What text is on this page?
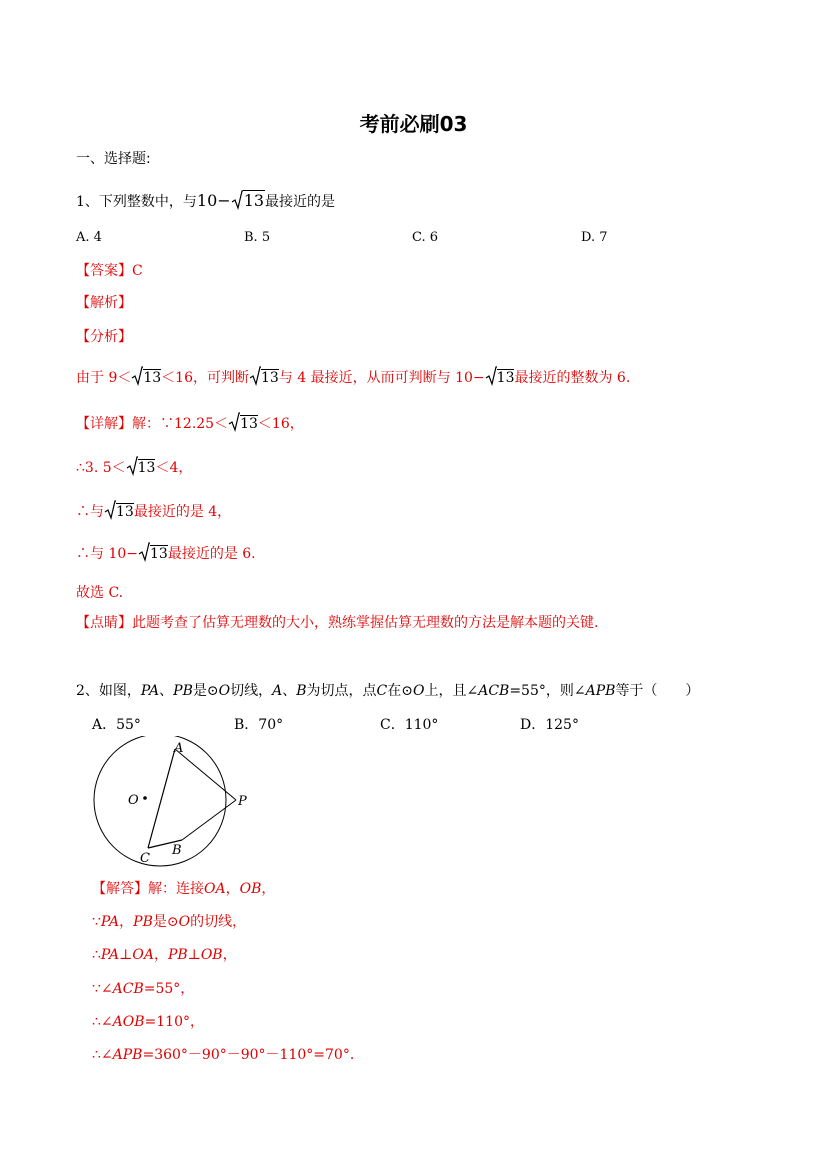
考前必刷03
一、选择题:
1、下列整数中，与10− 13最接近的是
A. 4	B. 5	C. 6	D. 7
【答案】C
【解析】
【分析】
由于 9＜ 13＜16，可判断 13与 4 最接近，从而可判断与 10− 13最接近的整数为 6.
【详解】解：∵12.25＜ 13＜16，
∴3. 5＜ 13＜4，
∴与 13最接近的是 4，
∴与 10− 13最接近的是 6.
故选 C.
【点睛】此题考查了估算无理数的大小，熟练掌握估算无理数的方法是解本题的关键.
2、如图，PA、PB是⊙O切线，A、B为切点，点C在⊙O上，且∠ACB=55°，则∠APB等于（　　）
A．55°	B．70°	C．110°	D．125°
A
O	P
B
C
【解答】解：连接OA，OB，
∵PA，PB是⊙O的切线，
∴PA⊥OA，PB⊥OB，
∵∠ACB=55°，
∴∠AOB=110°，
∴∠APB=360°－90°－90°－110°=70°．
